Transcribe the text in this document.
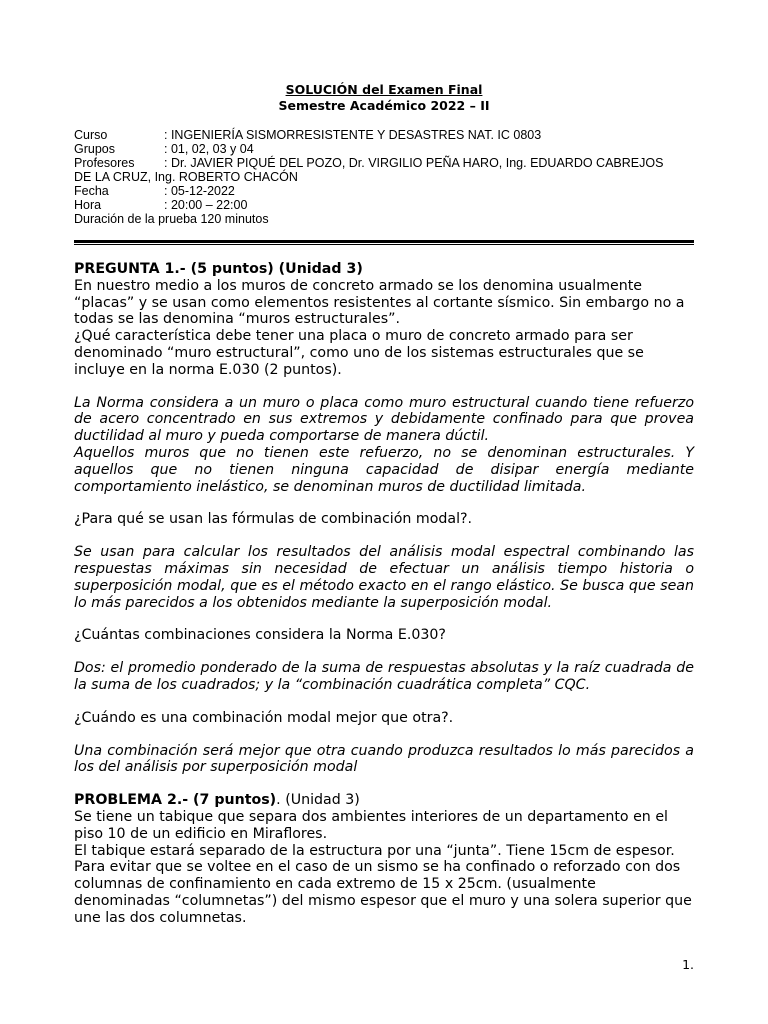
SOLUCIÓN del Examen Final
Semestre Académico 2022 – II
Curso	: INGENIERÍA SISMORRESISTENTE Y DESASTRES NAT. IC 0803
Grupos	: 01, 02, 03 y 04
Profesores	: Dr. JAVIER PIQUÉ DEL POZO, Dr. VIRGILIO PEÑA HARO, Ing. EDUARDO CABREJOS
DE LA CRUZ, Ing. ROBERTO CHACÓN
Fecha	: 05-12-2022
Hora	: 20:00 – 22:00
Duración de la prueba 120 minutos

PREGUNTA 1.- (5 puntos) (Unidad 3)

En nuestro medio a los muros de concreto armado se los denomina usualmente “placas” y se usan como elementos resistentes al cortante sísmico. Sin embargo no a todas se las denomina “muros estructurales”.

¿Qué característica debe tener una placa o muro de concreto armado para ser denominado “muro estructural”, como uno de los sistemas estructurales que se incluye en la norma E.030 (2 puntos).

La Norma considera a un muro o placa como muro estructural cuando tiene refuerzo de acero concentrado en sus extremos y debidamente confinado para que provea ductilidad al muro y pueda comportarse de manera dúctil.

Aquellos muros que no tienen este refuerzo, no se denominan estructurales. Y aquellos que no tienen ninguna capacidad de disipar energía mediante comportamiento inelástico, se denominan muros de ductilidad limitada.

¿Para qué se usan las fórmulas de combinación modal?.

Se usan para calcular los resultados del análisis modal espectral combinando las respuestas máximas sin necesidad de efectuar un análisis tiempo historia o superposición modal, que es el método exacto en el rango elástico. Se busca que sean lo más parecidos a los obtenidos mediante la superposición modal.

¿Cuántas combinaciones considera la Norma E.030?

Dos: el promedio ponderado de la suma de respuestas absolutas y la raíz cuadrada de la suma de los cuadrados; y la “combinación cuadrática completa” CQC.

¿Cuándo es una combinación modal mejor que otra?.

Una combinación será mejor que otra cuando produzca resultados lo más parecidos a los del análisis por superposición modal

PROBLEMA 2.- (7 puntos). (Unidad 3)

Se tiene un tabique que separa dos ambientes interiores de un departamento en el piso 10 de un edificio en Miraflores.

El tabique estará separado de la estructura por una “junta”. Tiene 15cm de espesor.

Para evitar que se voltee en el caso de un sismo se ha confinado o reforzado con dos columnas de confinamiento en cada extremo de 15 x 25cm. (usualmente denominadas “columnetas”) del mismo espesor que el muro y una solera superior que une las dos columnetas.

1.
